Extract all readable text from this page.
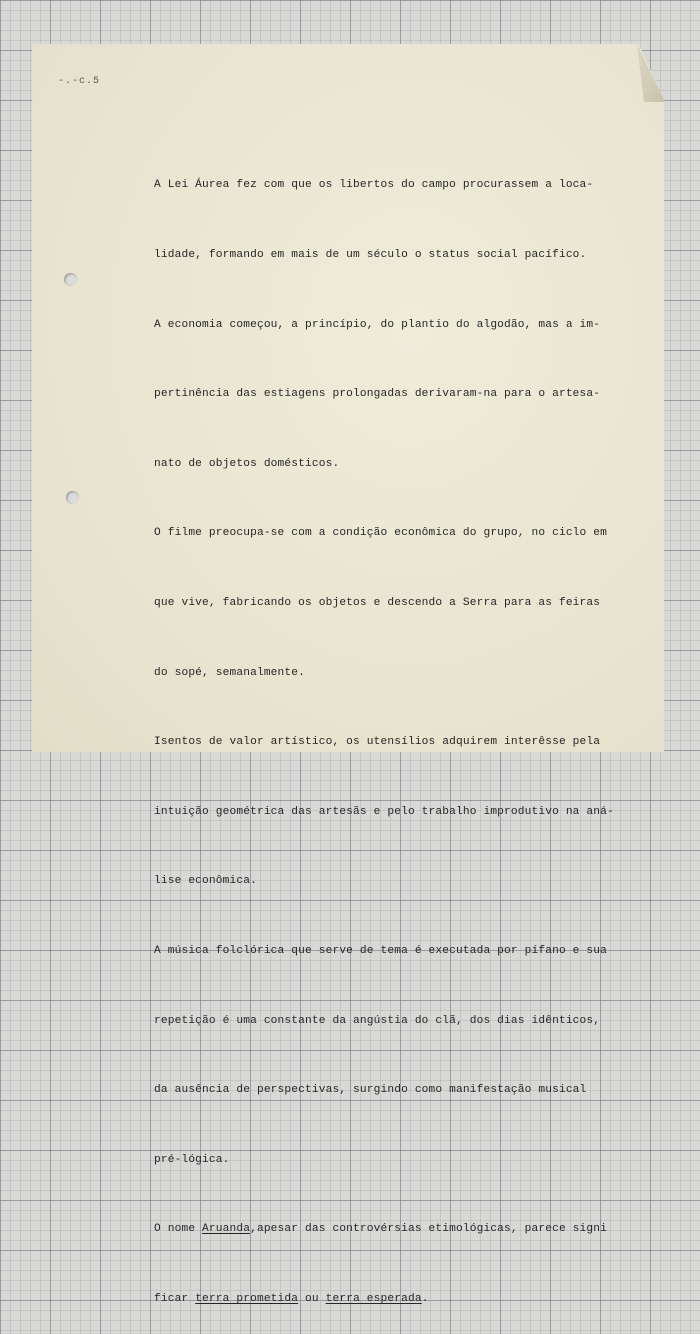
-.-c.5

A Lei Áurea fez com que os libertos do campo procurassem a loca-

lidade, formando em mais de um século o status social pacífico.

A economia começou, a princípio, do plantio do algodão, mas a im-

pertinência das estiagens prolongadas derivaram-na para o artesa-

nato de objetos domésticos.

O filme preocupa-se com a condição econômica do grupo, no ciclo em

que vive, fabricando os objetos e descendo a Serra para as feiras

do sopé, semanalmente.

Isentos de valor artístico, os utensílios adquirem interêsse pela

intuição geométrica das artesãs e pelo trabalho improdutivo na aná-

lise econômica.

A música folclórica que serve de tema é executada por pífano e sua

repetição é uma constante da angústia do clã, dos dias idênticos,

da ausência de perspectivas, surgindo como manifestação musical

pré-lógica.

O nome Aruanda,apesar das controvérsias etimológicas, parece signi

ficar terra prometida ou terra esperada.
